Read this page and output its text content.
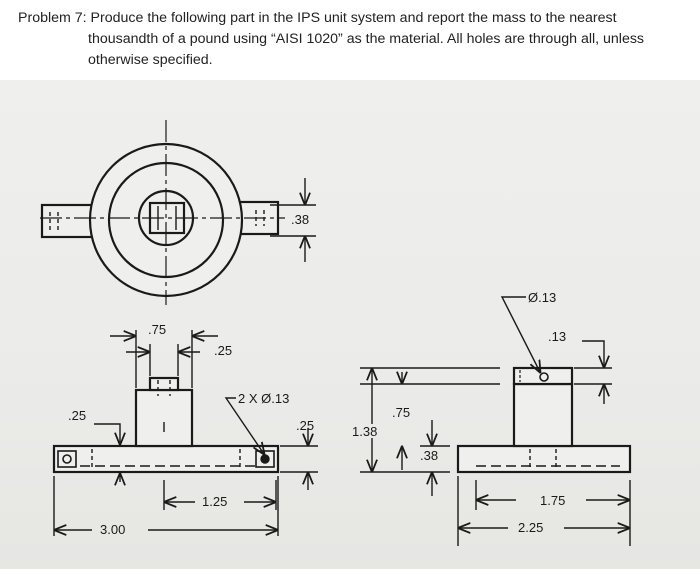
Problem 7: Produce the following part in the IPS unit system and report the mass to the nearest
thousandth of a pound using “AISI 1020” as the material. All holes are through all, unless
otherwise specified.
.38
.75
.25
.25
2 X Ø.13
.25
1.25
3.00
1.38
.75
.38
Ø.13
.13
1.75
2.25
